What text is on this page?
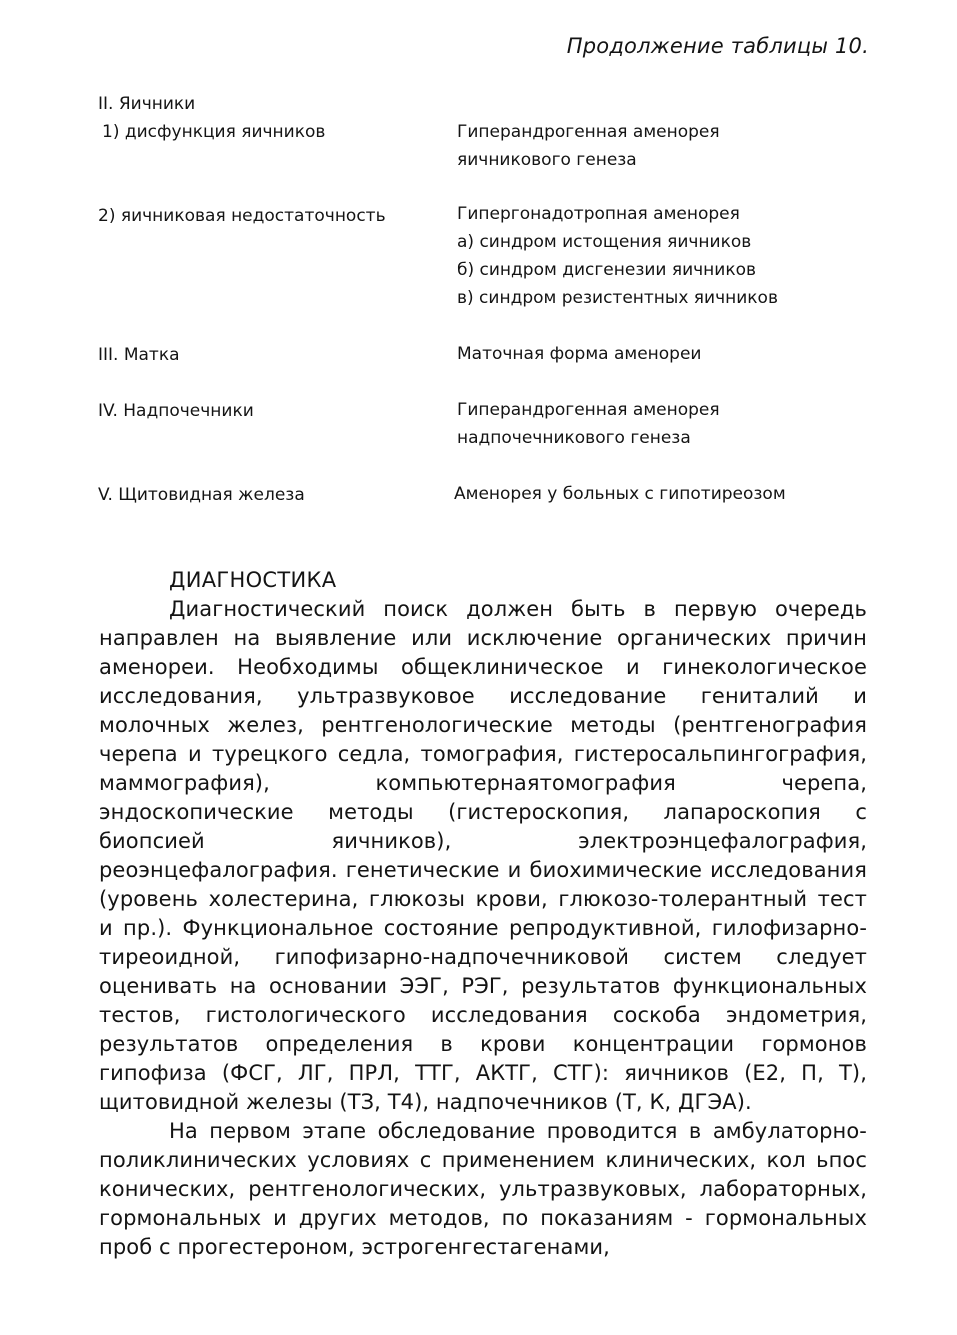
Продолжение таблицы 10.
II. Яичники
1) дисфункция яичников	Гиперандрогенная аменорея
яичникового генеза
2) яичниковая недостаточность	Гипергонадотропная аменорея
а) синдром истощения яичников
б) синдром дисгенезии яичников
в) синдром резистентных яичников
III. Матка	Маточная форма аменореи
IV. Надпочечники	Гиперандрогенная аменорея
надпочечникового генеза
V. Щитовидная железа	Аменорея у больных с гипотиреозом
ДИАГНОСТИКА

Диагностический поиск должен быть в первую очередь направлен на выявление или исключение органических причин аменореи. Необходимы общеклиническое и гинекологическое исследования, ультразвуковое исследование гениталий и молочных желез, рентгенологические методы (рентгенография черепа и турецкого седла, томография, гистеросальпингография, маммография), компьютернаятомография черепа, эндоскопические методы (гистероскопия, лапароскопия с биопсией яичников), электроэнцефалография, реоэнцефалография. генетические и биохимические исследования (уровень холестерина, глюкозы крови, глюкозо-толерантный тест и пр.). Функциональное состояние репродуктивной, гилофизарно-тиреоидной, гипофизарно-надпочечниковой систем следует оценивать на основании ЭЭГ, РЭГ, результатов функциональных тестов, гистологического исследования соскоба эндометрия, результатов определения в крови концентрации гормонов гипофиза (ФСГ, ЛГ, ПРЛ, ТТГ, АКТГ, СТГ): яичников (Е2, П, Т), щитовидной железы (ТЗ, Т4), надпочечников (Т, К, ДГЭА).

На первом этапе обследование проводится в амбулаторно-поликлинических условиях с применением клинических, кол ьпос конических, рентгенологических, ультразвуковых, лабораторных, гормональных и других методов, по показаниям - гормональных проб с прогестероном, эстрогенгестагенами,
